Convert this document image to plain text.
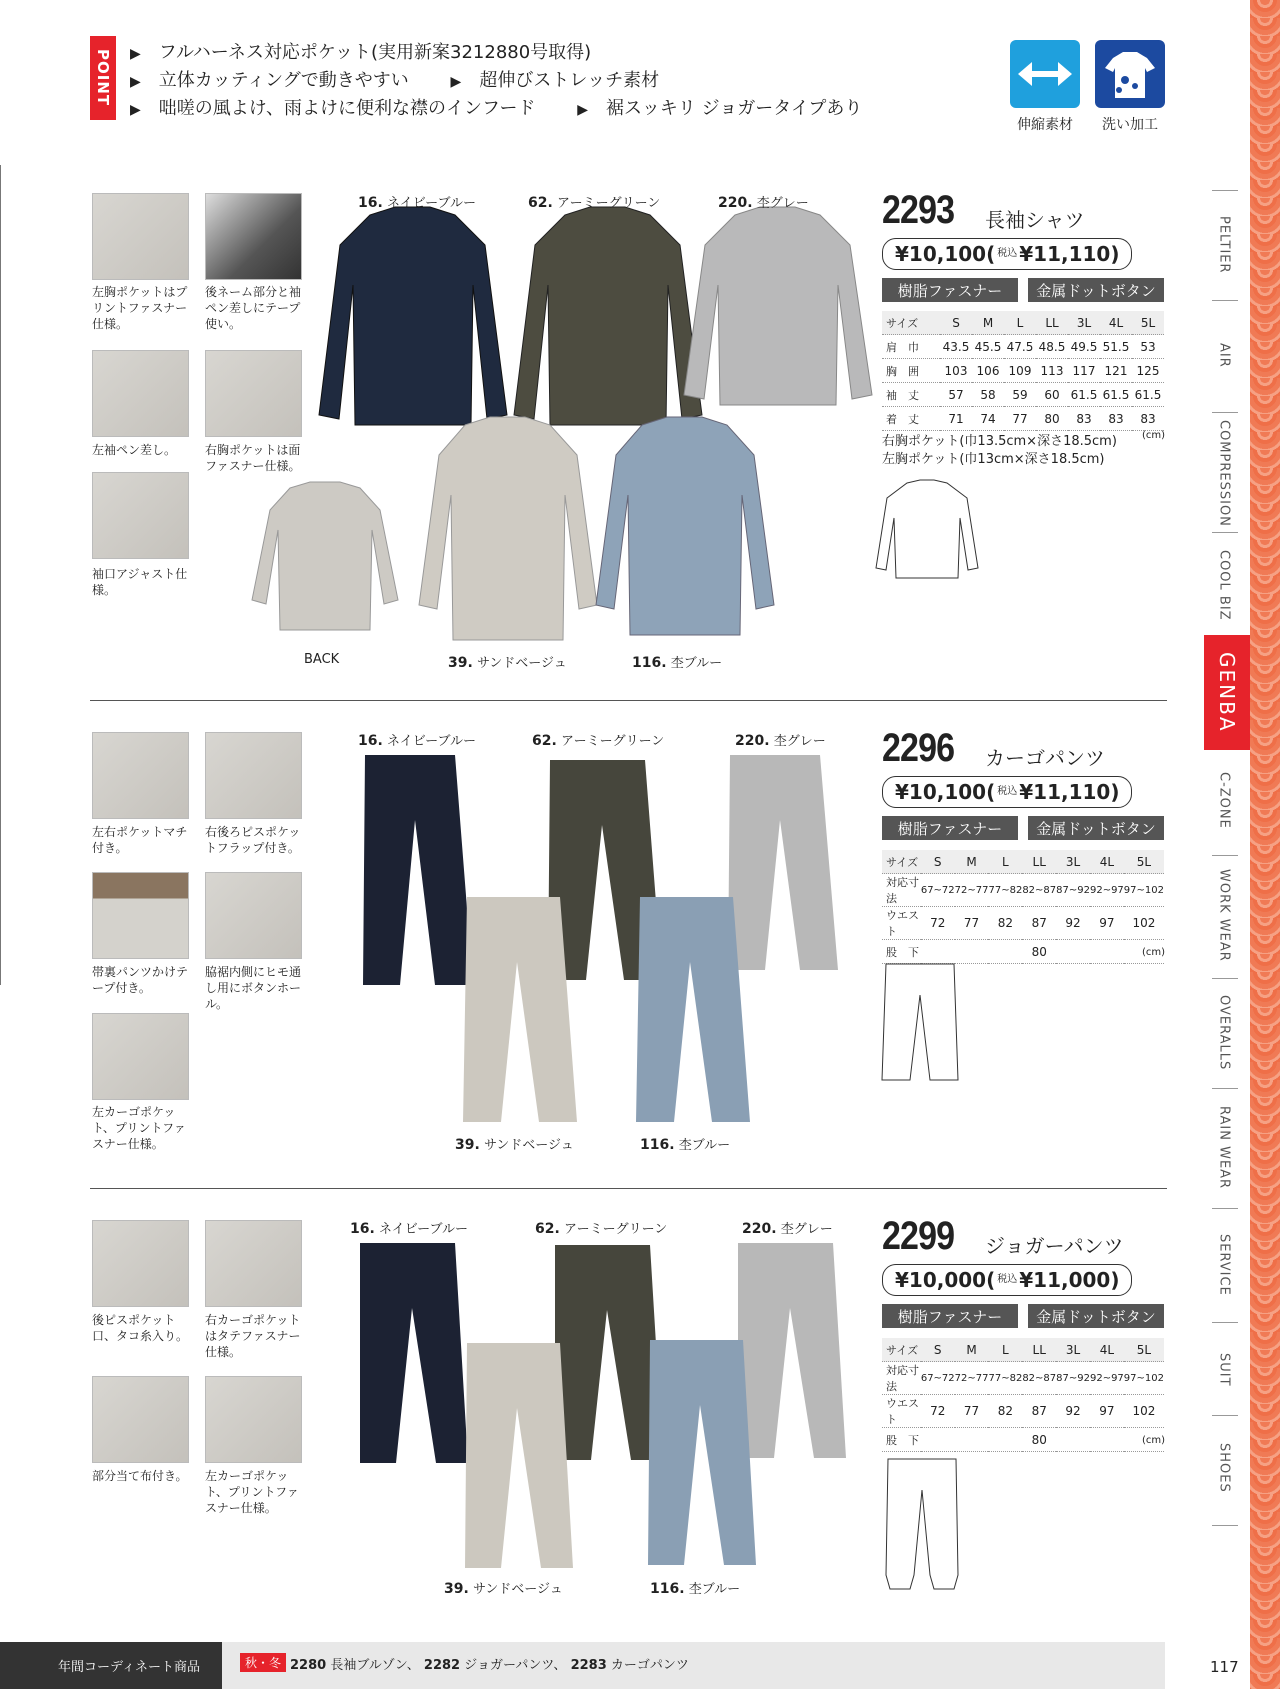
POINT ▶ フルハーネス対応ポケット(実用新案3212880号取得)
▶ 立体カッティングで動きやすい	▶ 超伸びストレッチ素材
▶ 咄嗟の風よけ、雨よけに便利な襟のインフード	▶ 裾スッキリ ジョガータイプあり
伸縮素材	洗い加工
PELTIER
AIR
COMPRESSION
COOL BIZ
GENBA
C-ZONE
WORK WEAR
OVERALLS
RAIN WEAR
SERVICE
SUIT
SHOES
左胸ポケットはプリントファスナー仕様。
後ネーム部分と袖ペン差しにテープ使い。
左袖ペン差し。	右胸ポケットは面ファスナー仕様。
袖口アジャスト仕様。
BACK
16. ネイビーブルー	62. アーミーグリーン	220. 杢グレー
39. サンドベージュ	116. 杢ブルー
2293 長袖シャツ
¥10,100 ( 税込 ¥11,110 )
樹脂ファスナー	金属ドットボタン
サイズ	S	M	L	LL	3L	4L	5L
肩　巾	43.5	45.5	47.5	48.5	49.5	51.5	53
胸　囲	103	106	109	113	117	121	125
袖　丈	57	58	59	60	61.5	61.5	61.5
着　丈	71	74	77	80	83	83	83
(cm)
右胸ポケット(巾13.5cm×深さ18.5cm)
左胸ポケット(巾13cm×深さ18.5cm)
左右ポケットマチ付き。
右後ろピスポケットフラップ付き。
帯裏パンツかけテープ付き。
脇裾内側にヒモ通し用にボタンホール。
左カーゴポケット、プリントファスナー仕様。
16. ネイビーブルー	62. アーミーグリーン	220. 杢グレー
39. サンドベージュ	116. 杢ブルー
2296 カーゴパンツ
¥10,100 ( 税込 ¥11,110 )
樹脂ファスナー	金属ドットボタン
サイズ	S	M	L	LL	3L	4L	5L
対応寸法	67~72	72~77	77~82	82~87	87~92	92~97	97~102
ウエスト	72	77	82	87	92	97	102
股　下				80				(cm)
後ピスポケット口、タコ糸入り。
右カーゴポケットはタテファスナー仕様。
部分当て布付き。	左カーゴポケット、プリントファスナー仕様。
16. ネイビーブルー	62. アーミーグリーン	220. 杢グレー
39. サンドベージュ	116. 杢ブルー
2299 ジョガーパンツ
¥10,000 ( 税込 ¥11,000 )
樹脂ファスナー	金属ドットボタン
サイズ	S	M	L	LL	3L	4L	5L
対応寸法	67~72	72~77	77~82	82~87	87~92	92~97	97~102
ウエスト	72	77	82	87	92	97	102
股　下				80				(cm)
年間コーディネート商品	秋・冬 2280 長袖ブルゾン、 2282 ジョガーパンツ、 2283 カーゴパンツ	117
